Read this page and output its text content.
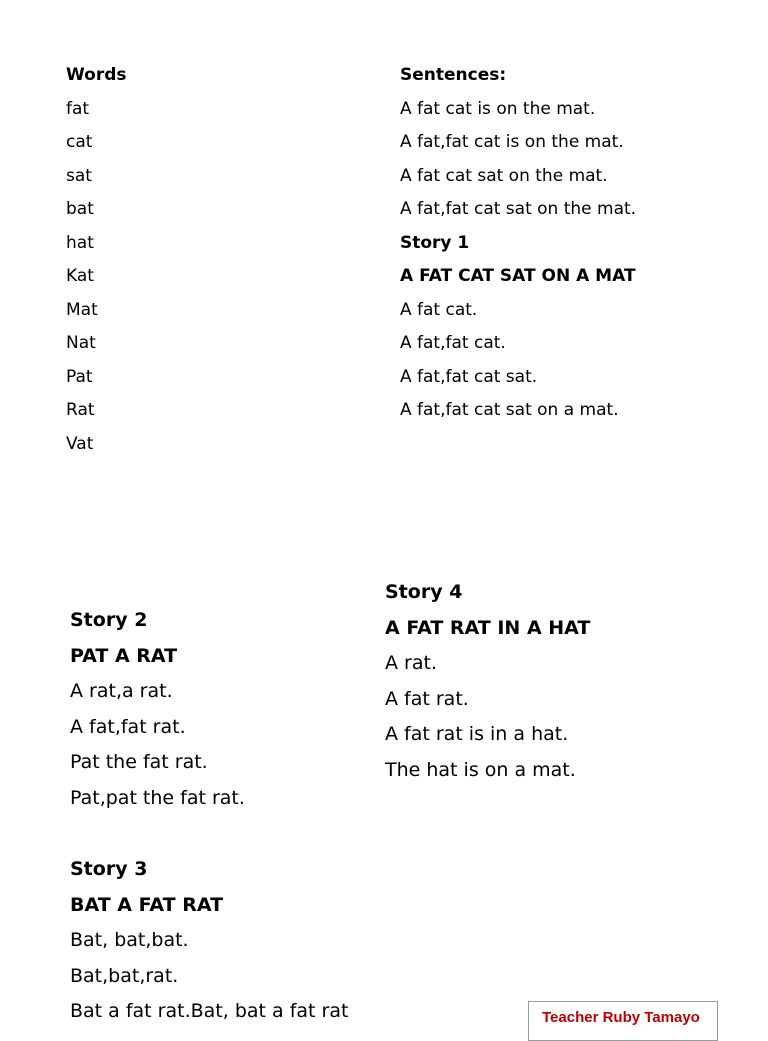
Words
fat
cat
sat
bat
hat
Kat
Mat
Nat
Pat
Rat
Vat
Sentences:
A fat cat is on the mat.
A fat,fat cat is on the mat.
A fat cat sat on the mat.
A fat,fat cat sat on the mat.
Story 1
A FAT CAT SAT ON A MAT
A fat cat.
A fat,fat cat.
A fat,fat cat sat.
A fat,fat cat sat on a mat.
Story 2
PAT A RAT
A rat,a rat.
A fat,fat rat.
Pat the fat rat.
Pat,pat the fat rat.
Story 4
A FAT RAT IN A HAT
A rat.
A fat rat.
A fat rat is in a hat.
The hat is on a mat.
Story 3
BAT A FAT RAT
Bat, bat,bat.
Bat,bat,rat.
Bat a fat rat.Bat, bat a fat rat	Teacher Ruby Tamayo
